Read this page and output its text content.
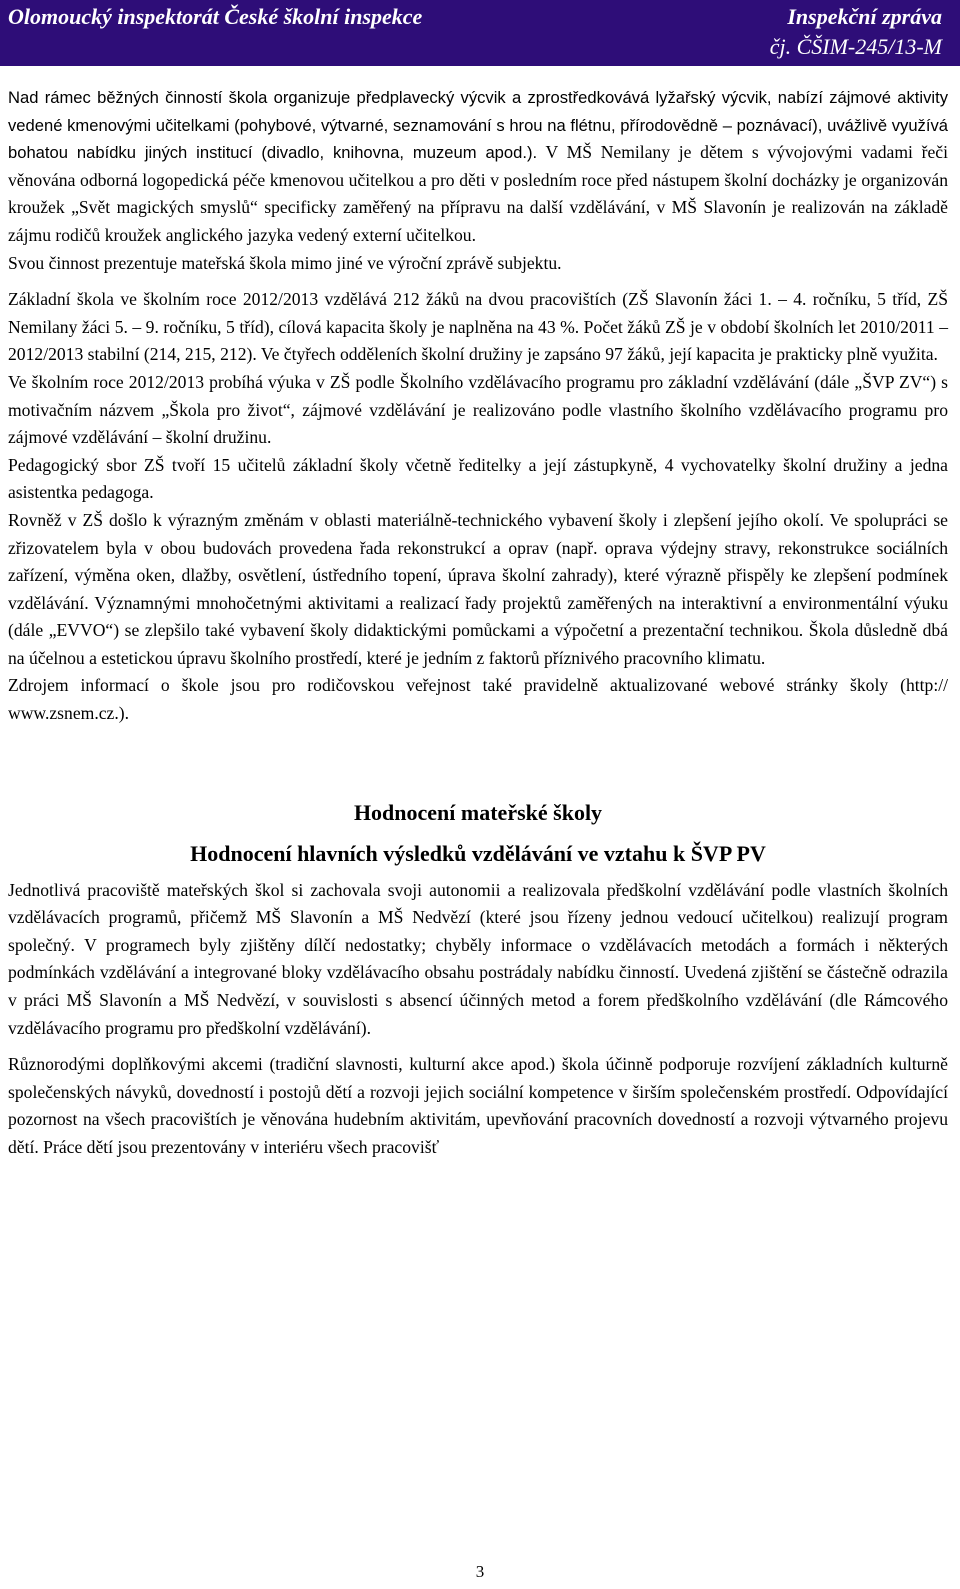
Olomoucký inspektorát České školní inspekce	Inspekční zpráva
čj. ČŠIM-245/13-M

Nad rámec běžných činností škola organizuje předplavecký výcvik a zprostředkovává lyžařský výcvik, nabízí zájmové aktivity vedené kmenovými učitelkami (pohybové, výtvarné, seznamování s hrou na flétnu, přírodovědně – poznávací), uvážlivě využívá bohatou nabídku jiných institucí (divadlo, knihovna, muzeum apod.). V MŠ Nemilany je dětem s vývojovými vadami řeči věnována odborná logopedická péče kmenovou učitelkou a pro děti v posledním roce před nástupem školní docházky je organizován kroužek „Svět magických smyslů“ specificky zaměřený na přípravu na další vzdělávání, v MŠ Slavonín je realizován na základě zájmu rodičů kroužek anglického jazyka vedený externí učitelkou.

Svou činnost prezentuje mateřská škola mimo jiné ve výroční zprávě subjektu.

Základní škola ve školním roce 2012/2013 vzdělává 212 žáků na dvou pracovištích (ZŠ Slavonín žáci 1. – 4. ročníku, 5 tříd, ZŠ Nemilany žáci 5. – 9. ročníku, 5 tříd), cílová kapacita školy je naplněna na 43 %. Počet žáků ZŠ je v období školních let 2010/2011 – 2012/2013 stabilní (214, 215, 212). Ve čtyřech odděleních školní družiny je zapsáno 97 žáků, její kapacita je prakticky plně využita.

Ve školním roce 2012/2013 probíhá výuka v ZŠ podle Školního vzdělávacího programu pro základní vzdělávání (dále „ŠVP ZV“) s motivačním názvem „Škola pro život“, zájmové vzdělávání je realizováno podle vlastního školního vzdělávacího programu pro zájmové vzdělávání – školní družinu.

Pedagogický sbor ZŠ tvoří 15 učitelů základní školy včetně ředitelky a její zástupkyně, 4 vychovatelky školní družiny a jedna asistentka pedagoga.

Rovněž v ZŠ došlo k výrazným změnám v oblasti materiálně-technického vybavení školy i zlepšení jejího okolí. Ve spolupráci se zřizovatelem byla v obou budovách provedena řada rekonstrukcí a oprav (např. oprava výdejny stravy, rekonstrukce sociálních zařízení, výměna oken, dlažby, osvětlení, ústředního topení, úprava školní zahrady), které výrazně přispěly ke zlepšení podmínek vzdělávání. Významnými mnohočetnými aktivitami a realizací řady projektů zaměřených na interaktivní a environmentální výuku (dále „EVVO“) se zlepšilo také vybavení školy didaktickými pomůckami a výpočetní a prezentační technikou. Škola důsledně dbá na účelnou a estetickou úpravu školního prostředí, které je jedním z faktorů příznivého pracovního klimatu.

Zdrojem informací o škole jsou pro rodičovskou veřejnost také pravidelně aktualizované webové stránky školy (http:// www.zsnem.cz.).

Hodnocení mateřské školy
Hodnocení hlavních výsledků vzdělávání ve vztahu k ŠVP PV

Jednotlivá pracoviště mateřských škol si zachovala svoji autonomii a realizovala předškolní vzdělávání podle vlastních školních vzdělávacích programů, přičemž MŠ Slavonín a MŠ Nedvězí (které jsou řízeny jednou vedoucí učitelkou) realizují program společný. V programech byly zjištěny dílčí nedostatky; chyběly informace o vzdělávacích metodách a formách i některých podmínkách vzdělávání a integrované bloky vzdělávacího obsahu postrádaly nabídku činností. Uvedená zjištění se částečně odrazila v práci MŠ Slavonín a MŠ Nedvězí, v souvislosti s absencí účinných metod a forem předškolního vzdělávání (dle Rámcového vzdělávacího programu pro předškolní vzdělávání).

Různorodými doplňkovými akcemi (tradiční slavnosti, kulturní akce apod.) škola účinně podporuje rozvíjení základních kulturně společenských návyků, dovedností i postojů dětí a rozvoji jejich sociální kompetence v širším společenském prostředí. Odpovídající pozornost na všech pracovištích je věnována hudebním aktivitám, upevňování pracovních dovedností a rozvoji výtvarného projevu dětí. Práce dětí jsou prezentovány v interiéru všech pracovišť

3
